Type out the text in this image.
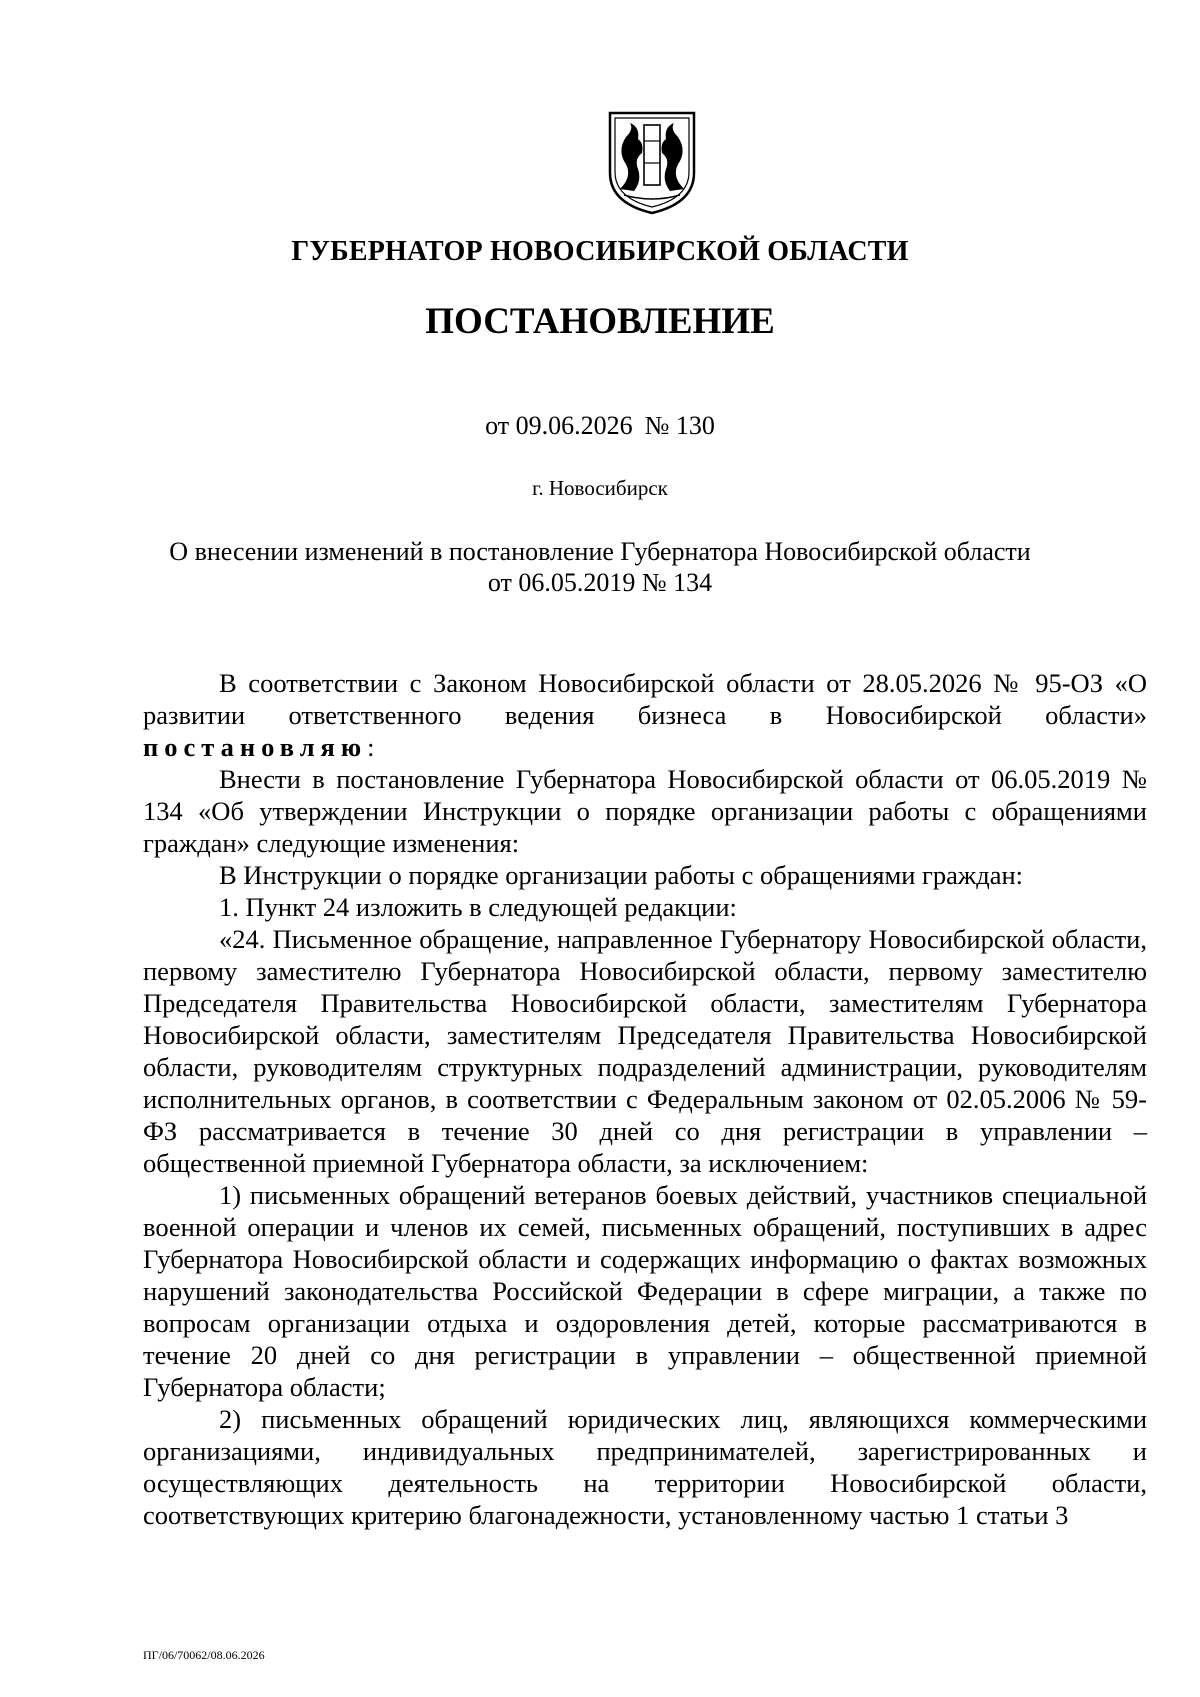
ГУБЕРНАТОР НОВОСИБИРСКОЙ ОБЛАСТИ
ПОСТАНОВЛЕНИЕ
от 09.06.2026 № 130
г. Новосибирск
О внесении изменений в постановление Губернатора Новосибирской области
от 06.05.2019 № 134

В соответствии с Законом Новосибирской области от 28.05.2026 № 95-ОЗ «О развитии ответственного ведения бизнеса в Новосибирской области» постановляю:

Внести в постановление Губернатора Новосибирской области от 06.05.2019 № 134 «Об утверждении Инструкции о порядке организации работы с обращениями граждан» следующие изменения:

В Инструкции о порядке организации работы с обращениями граждан:

1. Пункт 24 изложить в следующей редакции:

«24. Письменное обращение, направленное Губернатору Новосибирской области, первому заместителю Губернатора Новосибирской области, первому заместителю Председателя Правительства Новосибирской области, заместителям Губернатора Новосибирской области, заместителям Председателя Правительства Новосибирской области, руководителям структурных подразделений администрации, руководителям исполнительных органов, в соответствии с Федеральным законом от 02.05.2006 № 59-ФЗ рассматривается в течение 30 дней со дня регистрации в управлении – общественной приемной Губернатора области, за исключением:

1) письменных обращений ветеранов боевых действий, участников специальной военной операции и членов их семей, письменных обращений, поступивших в адрес Губернатора Новосибирской области и содержащих информацию о фактах возможных нарушений законодательства Российской Федерации в сфере миграции, а также по вопросам организации отдыха и оздоровления детей, которые рассматриваются в течение 20 дней со дня регистрации в управлении – общественной приемной Губернатора области;

2) письменных обращений юридических лиц, являющихся коммерческими организациями, индивидуальных предпринимателей, зарегистрированных и осуществляющих деятельность на территории Новосибирской области, соответствующих критерию благонадежности, установленному частью 1 статьи 3

ПГ/06/70062/08.06.2026
